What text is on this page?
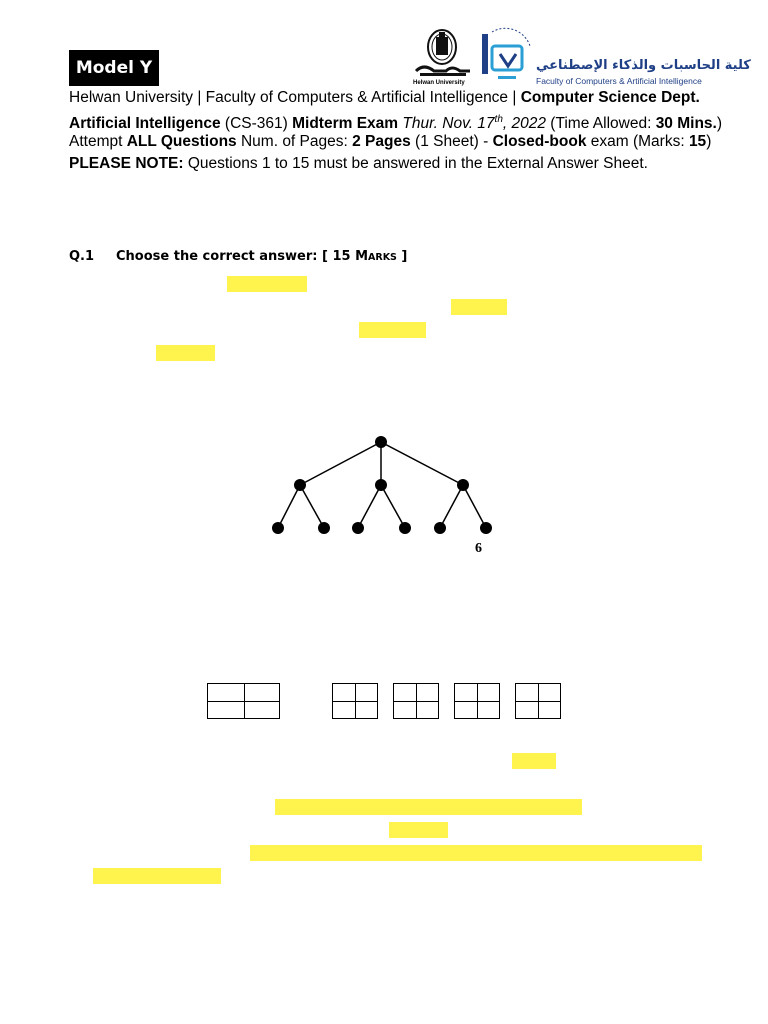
Model Y
Helwan University
كلية الحاسبات والذكاء الإصطناعي
Faculty of Computers & Artificial Intelligence
Helwan University | Faculty of Computers & Artificial Intelligence | Computer Science Dept.
Artificial Intelligence (CS-361) Midterm Exam Thur. Nov. 17th, 2022 (Time Allowed: 30 Mins.)
Attempt ALL Questions Num. of Pages: 2 Pages (1 Sheet) - Closed-book exam (Marks: 15)
PLEASE NOTE: Questions 1 to 15 must be answered in the External Answer Sheet.
Q.1 Choose the correct answer: [ 15 MARKS ]
6
